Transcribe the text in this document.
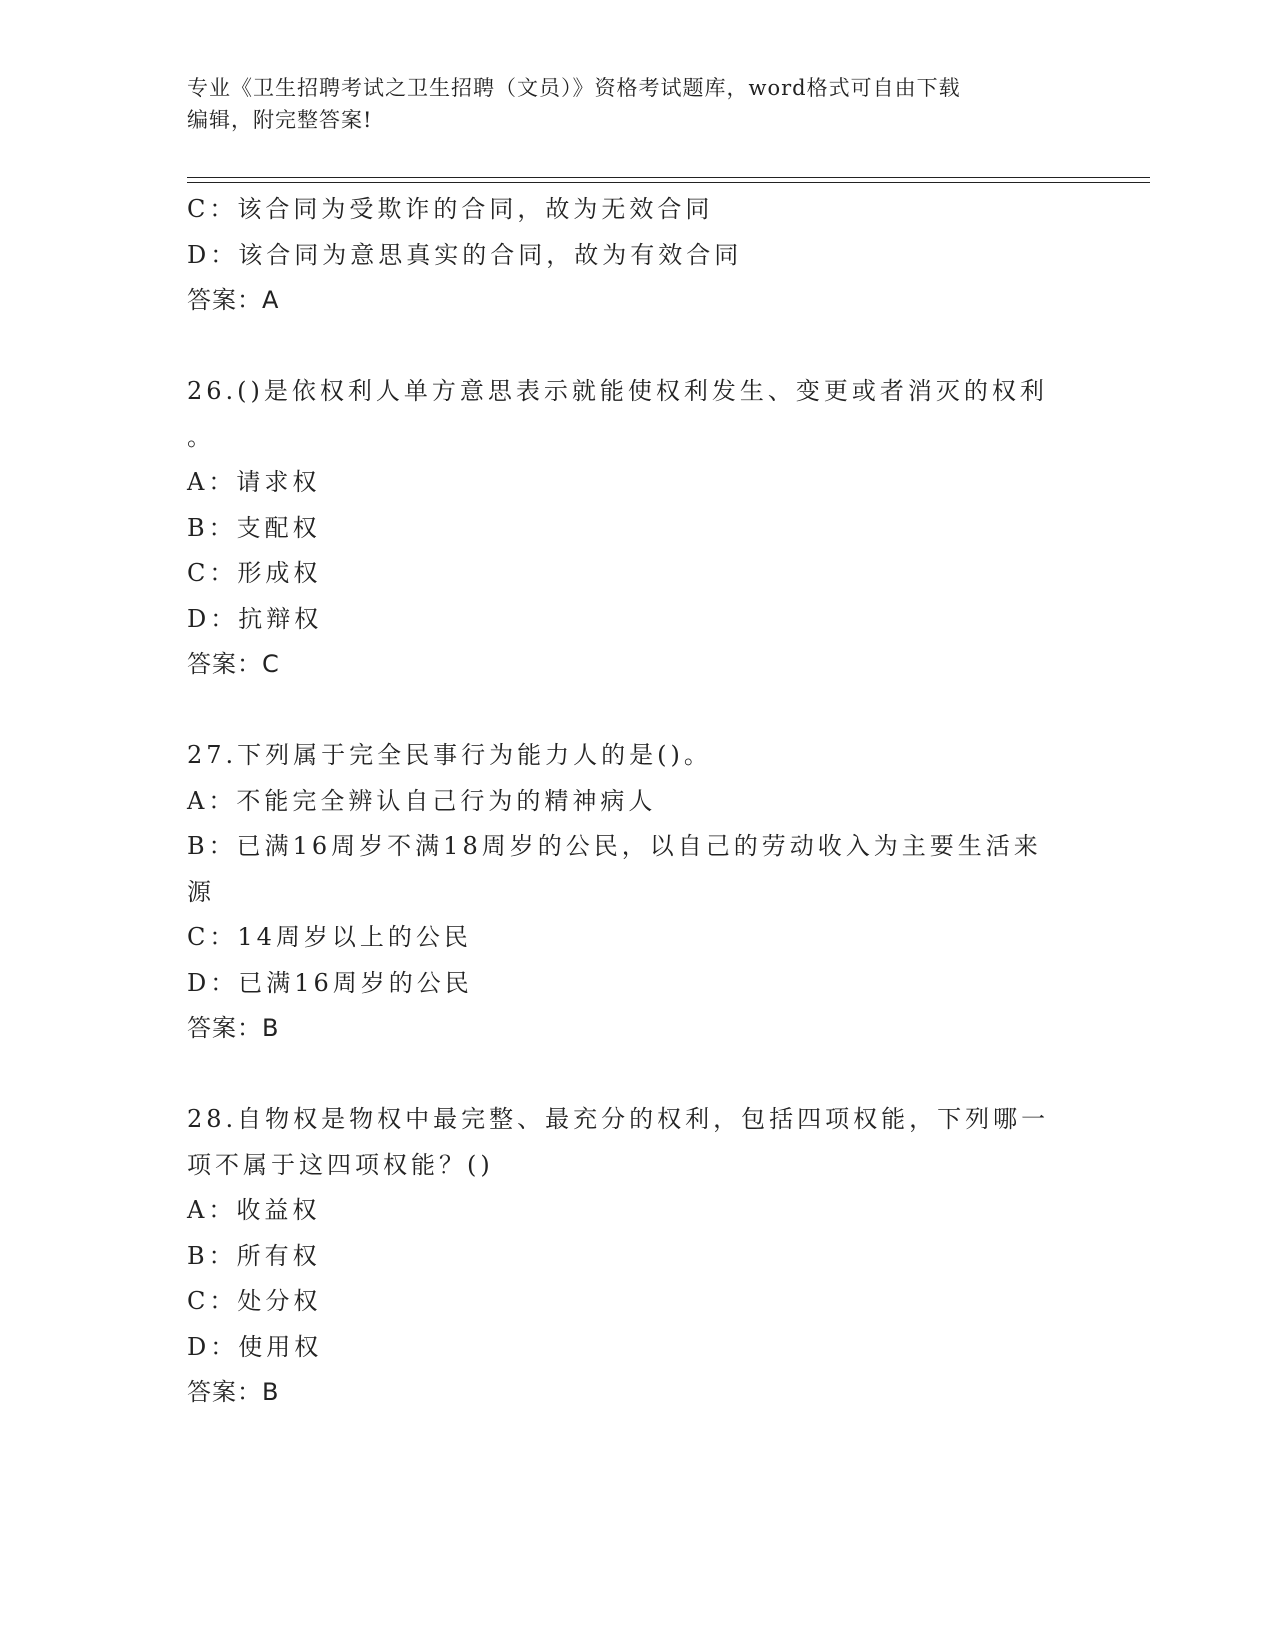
专业《卫生招聘考试之卫生招聘（文员）》资格考试题库，word格式可自由下载
编辑，附完整答案!
C：该合同为受欺诈的合同，故为无效合同
D：该合同为意思真实的合同，故为有效合同
答案：A
26.()是依权利人单方意思表示就能使权利发生、变更或者消灭的权利
。
A：请求权
B：支配权
C：形成权
D：抗辩权
答案：C
27.下列属于完全民事行为能力人的是()。
A：不能完全辨认自己行为的精神病人
B：已满16周岁不满18周岁的公民，以自己的劳动收入为主要生活来
源
C：14周岁以上的公民
D：已满16周岁的公民
答案：B
28.自物权是物权中最完整、最充分的权利，包括四项权能，下列哪一
项不属于这四项权能？()
A：收益权
B：所有权
C：处分权
D：使用权
答案：B
